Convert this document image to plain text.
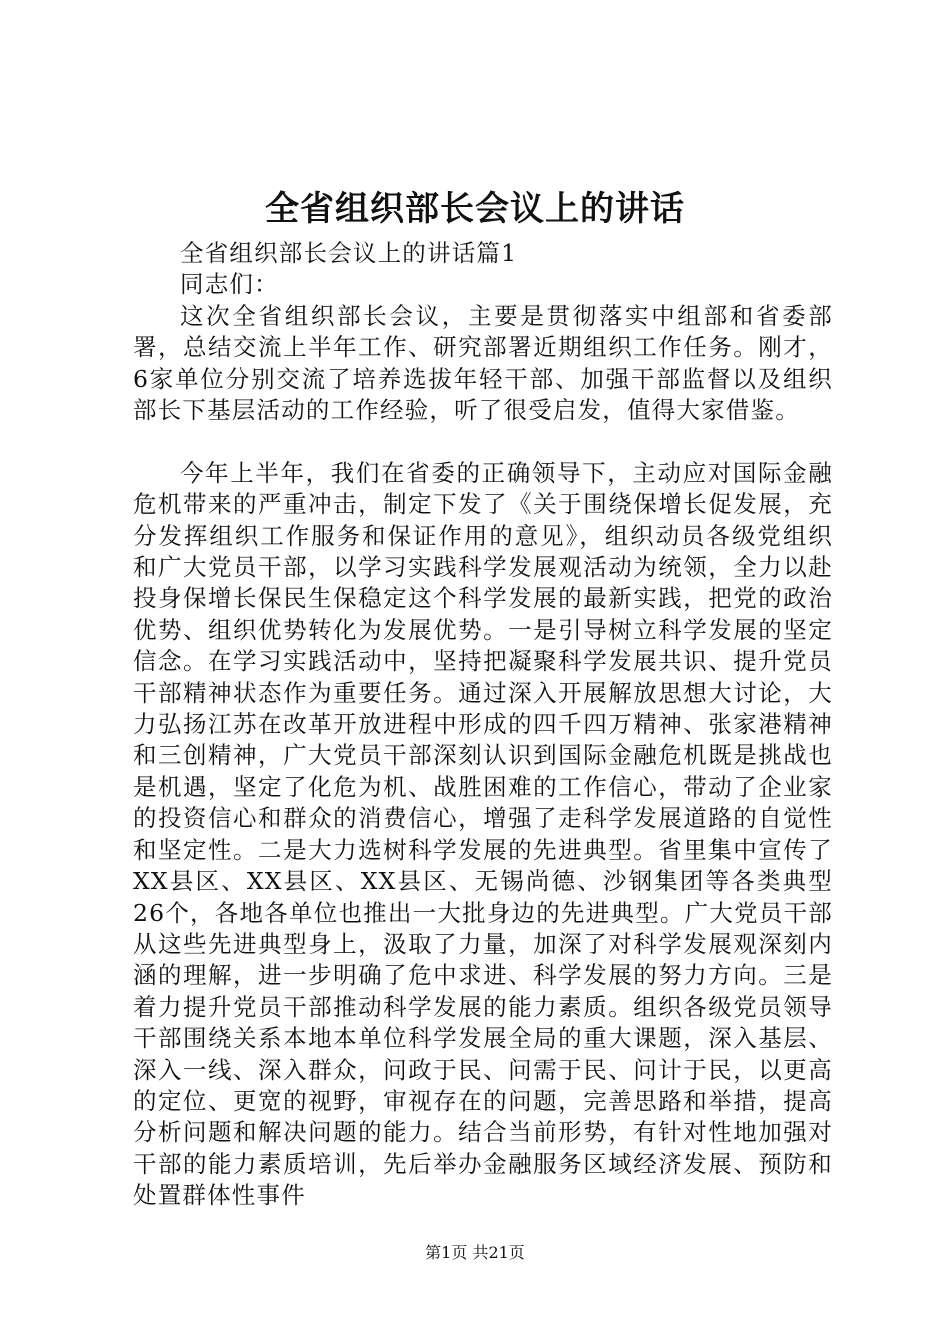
全省组织部长会议上的讲话
全省组织部长会议上的讲话篇1
同志们：

这次全省组织部长会议，主要是贯彻落实中组部和省委部署，总结交流上半年工作、研究部署近期组织工作任务。刚才，6家单位分别交流了培养选拔年轻干部、加强干部监督以及组织部长下基层活动的工作经验，听了很受启发，值得大家借鉴。

今年上半年，我们在省委的正确领导下，主动应对国际金融危机带来的严重冲击，制定下发了《关于围绕保增长促发展，充分发挥组织工作服务和保证作用的意见》，组织动员各级党组织和广大党员干部，以学习实践科学发展观活动为统领，全力以赴投身保增长保民生保稳定这个科学发展的最新实践，把党的政治优势、组织优势转化为发展优势。一是引导树立科学发展的坚定信念。在学习实践活动中，坚持把凝聚科学发展共识、提升党员干部精神状态作为重要任务。通过深入开展解放思想大讨论，大力弘扬江苏在改革开放进程中形成的四千四万精神、张家港精神和三创精神，广大党员干部深刻认识到国际金融危机既是挑战也是机遇，坚定了化危为机、战胜困难的工作信心，带动了企业家的投资信心和群众的消费信心，增强了走科学发展道路的自觉性和坚定性。二是大力选树科学发展的先进典型。省里集中宣传了XX县区、XX县区、XX县区、无锡尚德、沙钢集团等各类典型26个，各地各单位也推出一大批身边的先进典型。广大党员干部从这些先进典型身上，汲取了力量，加深了对科学发展观深刻内涵的理解，进一步明确了危中求进、科学发展的努力方向。三是着力提升党员干部推动科学发展的能力素质。组织各级党员领导干部围绕关系本地本单位科学发展全局的重大课题，深入基层、深入一线、深入群众，问政于民、问需于民、问计于民，以更高的定位、更宽的视野，审视存在的问题，完善思路和举措，提高分析问题和解决问题的能力。结合当前形势，有针对性地加强对干部的能力素质培训，先后举办金融服务区域经济发展、预防和处置群体性事件

第1页 共21页
